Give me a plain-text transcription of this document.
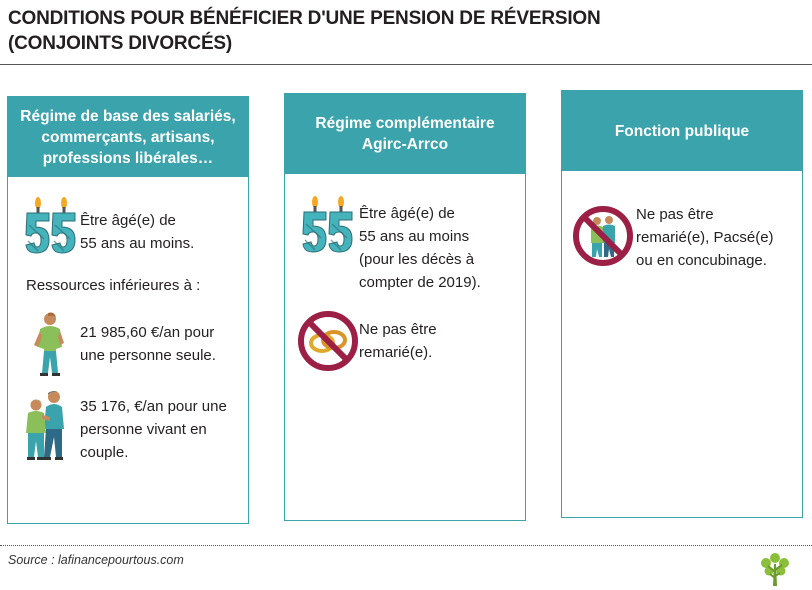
CONDITIONS POUR BÉNÉFICIER D'UNE PENSION DE RÉVERSION
(CONJOINTS DIVORCÉS)
Régime de base des salariés,
commerçants, artisans,
professions libérales…
Être âgé(e) de
55 ans au moins.
Ressources inférieures à :
21 985,60 €/an pour
une personne seule.
35 176, €/an pour une
personne vivant en
couple.
Régime complémentaire
Agirc-Arrco
Être âgé(e) de
55 ans au moins
(pour les décès à
compter de 2019).
Ne pas être
remarié(e).
Fonction publique
Ne pas être
remarié(e), Pacsé(e)
ou en concubinage.
Source : lafinancepourtous.com
